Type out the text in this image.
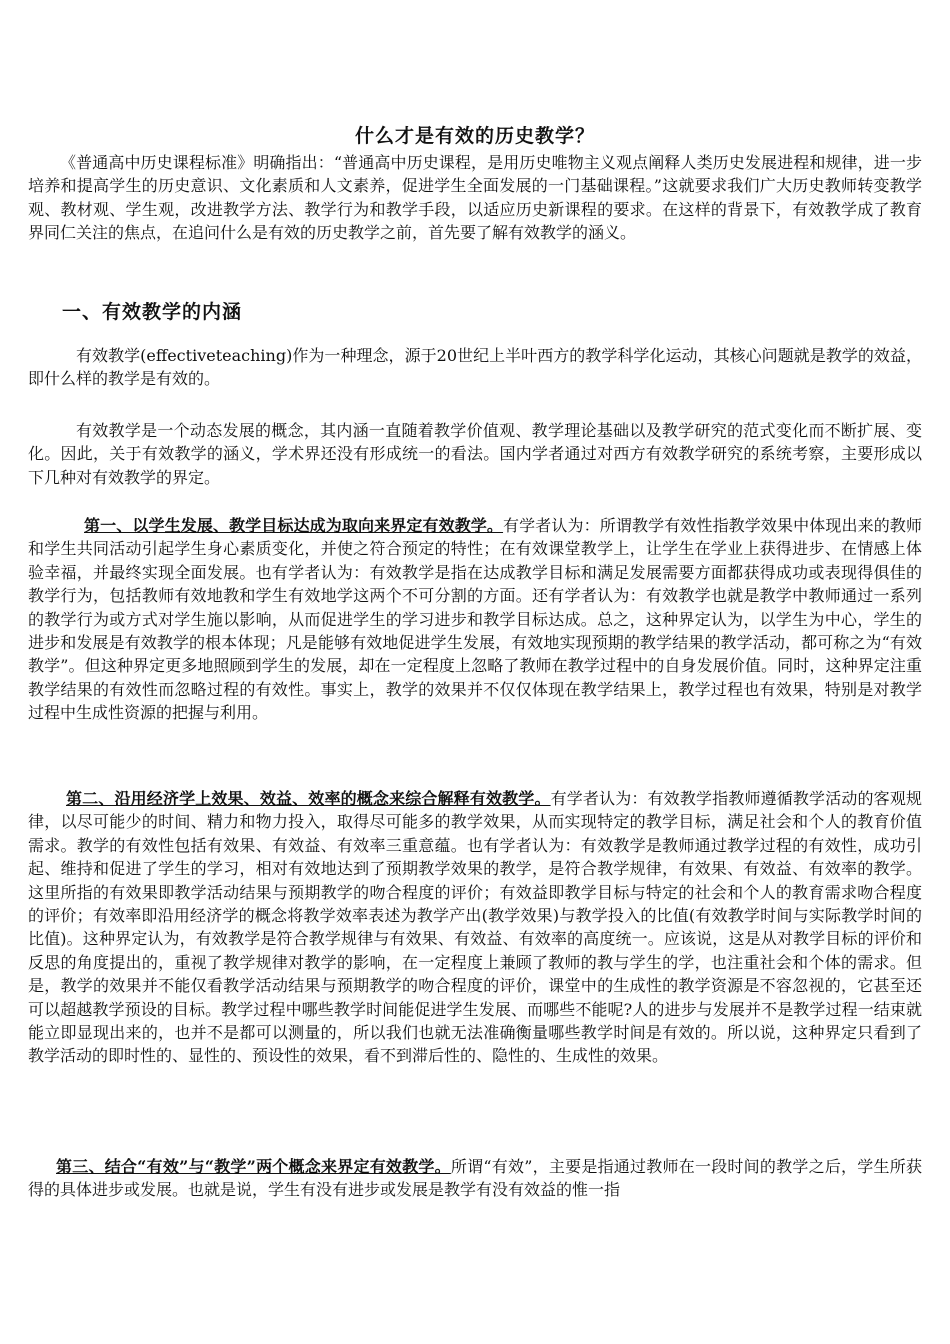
什么才是有效的历史教学？

《普通高中历史课程标准》明确指出：“普通高中历史课程，是用历史唯物主义观点阐释人类历史发展进程和规律，进一步培养和提高学生的历史意识、文化素质和人文素养，促进学生全面发展的一门基础课程。”这就要求我们广大历史教师转变教学观、教材观、学生观，改进教学方法、教学行为和教学手段，以适应历史新课程的要求。在这样的背景下，有效教学成了教育界同仁关注的焦点，在追问什么是有效的历史教学之前，首先要了解有效教学的涵义。

一、有效教学的内涵

有效教学(effectiveteaching)作为一种理念，源于20世纪上半叶西方的教学科学化运动，其核心问题就是教学的效益，即什么样的教学是有效的。

有效教学是一个动态发展的概念，其内涵一直随着教学价值观、教学理论基础以及教学研究的范式变化而不断扩展、变化。因此，关于有效教学的涵义，学术界还没有形成统一的看法。国内学者通过对西方有效教学研究的系统考察，主要形成以下几种对有效教学的界定。

第一、以学生发展、教学目标达成为取向来界定有效教学。有学者认为：所谓教学有效性指教学效果中体现出来的教师和学生共同活动引起学生身心素质变化，并使之符合预定的特性；在有效课堂教学上，让学生在学业上获得进步、在情感上体验幸福，并最终实现全面发展。也有学者认为：有效教学是指在达成教学目标和满足发展需要方面都获得成功或表现得俱佳的教学行为，包括教师有效地教和学生有效地学这两个不可分割的方面。还有学者认为：有效教学也就是教学中教师通过一系列的教学行为或方式对学生施以影响，从而促进学生的学习进步和教学目标达成。总之，这种界定认为，以学生为中心，学生的进步和发展是有效教学的根本体现；凡是能够有效地促进学生发展，有效地实现预期的教学结果的教学活动，都可称之为“有效教学”。但这种界定更多地照顾到学生的发展，却在一定程度上忽略了教师在教学过程中的自身发展价值。同时，这种界定注重教学结果的有效性而忽略过程的有效性。事实上，教学的效果并不仅仅体现在教学结果上，教学过程也有效果，特别是对教学过程中生成性资源的把握与利用。

第二、沿用经济学上效果、效益、效率的概念来综合解释有效教学。有学者认为：有效教学指教师遵循教学活动的客观规律，以尽可能少的时间、精力和物力投入，取得尽可能多的教学效果，从而实现特定的教学目标，满足社会和个人的教育价值需求。教学的有效性包括有效果、有效益、有效率三重意蕴。也有学者认为：有效教学是教师通过教学过程的有效性，成功引起、维持和促进了学生的学习，相对有效地达到了预期教学效果的教学，是符合教学规律，有效果、有效益、有效率的教学。这里所指的有效果即教学活动结果与预期教学的吻合程度的评价；有效益即教学目标与特定的社会和个人的教育需求吻合程度的评价；有效率即沿用经济学的概念将教学效率表述为教学产出(教学效果)与教学投入的比值(有效教学时间与实际教学时间的比值)。这种界定认为，有效教学是符合教学规律与有效果、有效益、有效率的高度统一。应该说，这是从对教学目标的评价和反思的角度提出的，重视了教学规律对教学的影响，在一定程度上兼顾了教师的教与学生的学，也注重社会和个体的需求。但是，教学的效果并不能仅看教学活动结果与预期教学的吻合程度的评价，课堂中的生成性的教学资源是不容忽视的，它甚至还可以超越教学预设的目标。教学过程中哪些教学时间能促进学生发展、而哪些不能呢?人的进步与发展并不是教学过程一结束就能立即显现出来的，也并不是都可以测量的，所以我们也就无法准确衡量哪些教学时间是有效的。所以说，这种界定只看到了教学活动的即时性的、显性的、预设性的效果，看不到滞后性的、隐性的、生成性的效果。

第三、结合“有效”与“教学”两个概念来界定有效教学。所谓“有效”，主要是指通过教师在一段时间的教学之后，学生所获得的具体进步或发展。也就是说，学生有没有进步或发展是教学有没有效益的惟一指
